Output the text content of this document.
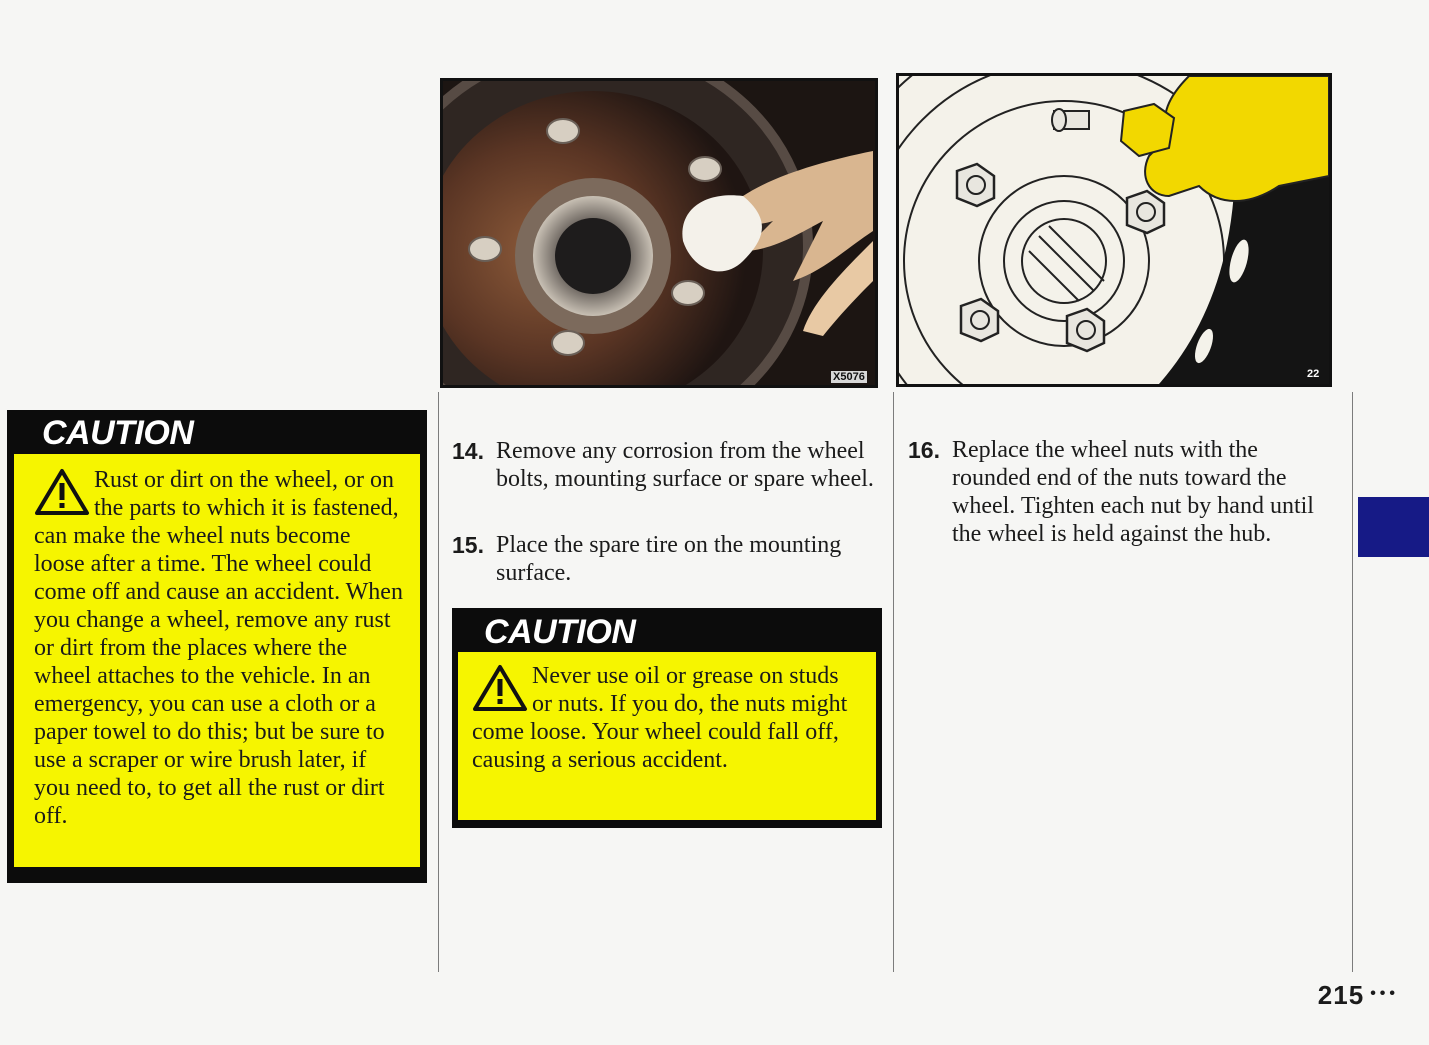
CAUTION
Rust or dirt on the wheel, or on the parts to which it is fastened, can make the wheel nuts become loose after a time. The wheel could come off and cause an accident. When you change a wheel, remove any rust or dirt from the places where the wheel attaches to the vehicle. In an emergency, you can use a cloth or a paper towel to do this; but be sure to use a scraper or wire brush later, if you need to, to get all the rust or dirt off.
X5076	22
14. Remove any corrosion from the wheel bolts, mounting surface or spare wheel.
15. Place the spare tire on the mounting surface.
16. Replace the wheel nuts with the rounded end of the nuts toward the wheel. Tighten each nut by hand until the wheel is held against the hub.
CAUTION
Never use oil or grease on studs or nuts. If you do, the nuts might come loose. Your wheel could fall off, causing a serious accident.
215 •••
